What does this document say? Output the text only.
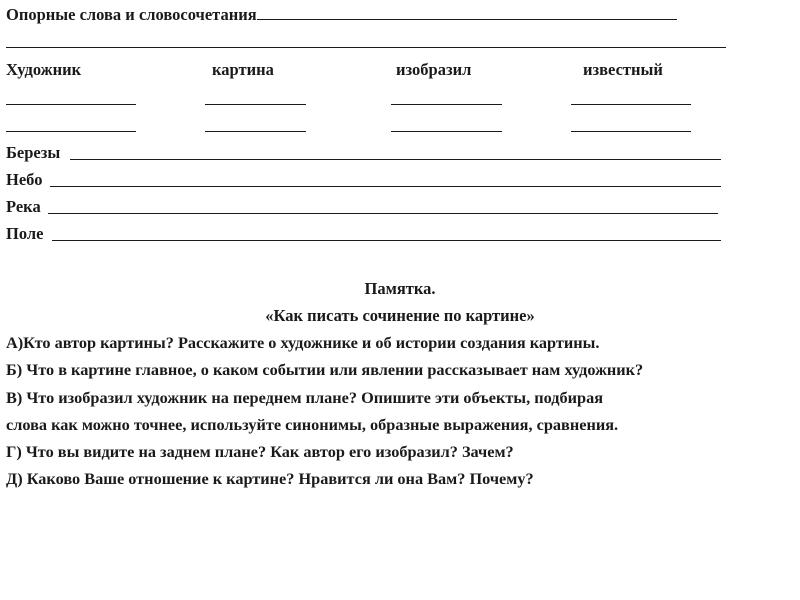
Опорные слова и словосочетания
Художник	картина	изобразил	известный
Березы
Небо
Река
Поле
Памятка.
«Как писать сочинение по картине»
А)Кто автор картины? Расскажите о художнике и об истории создания картины.
Б) Что в картине главное, о каком событии или явлении рассказывает нам художник?
В) Что изобразил художник на переднем плане? Опишите эти объекты, подбирая
слова как можно точнее, используйте синонимы, образные выражения, сравнения.
Г) Что вы видите на заднем плане? Как автор его изобразил? Зачем?
Д) Каково Ваше отношение к картине? Нравится ли она Вам? Почему?
